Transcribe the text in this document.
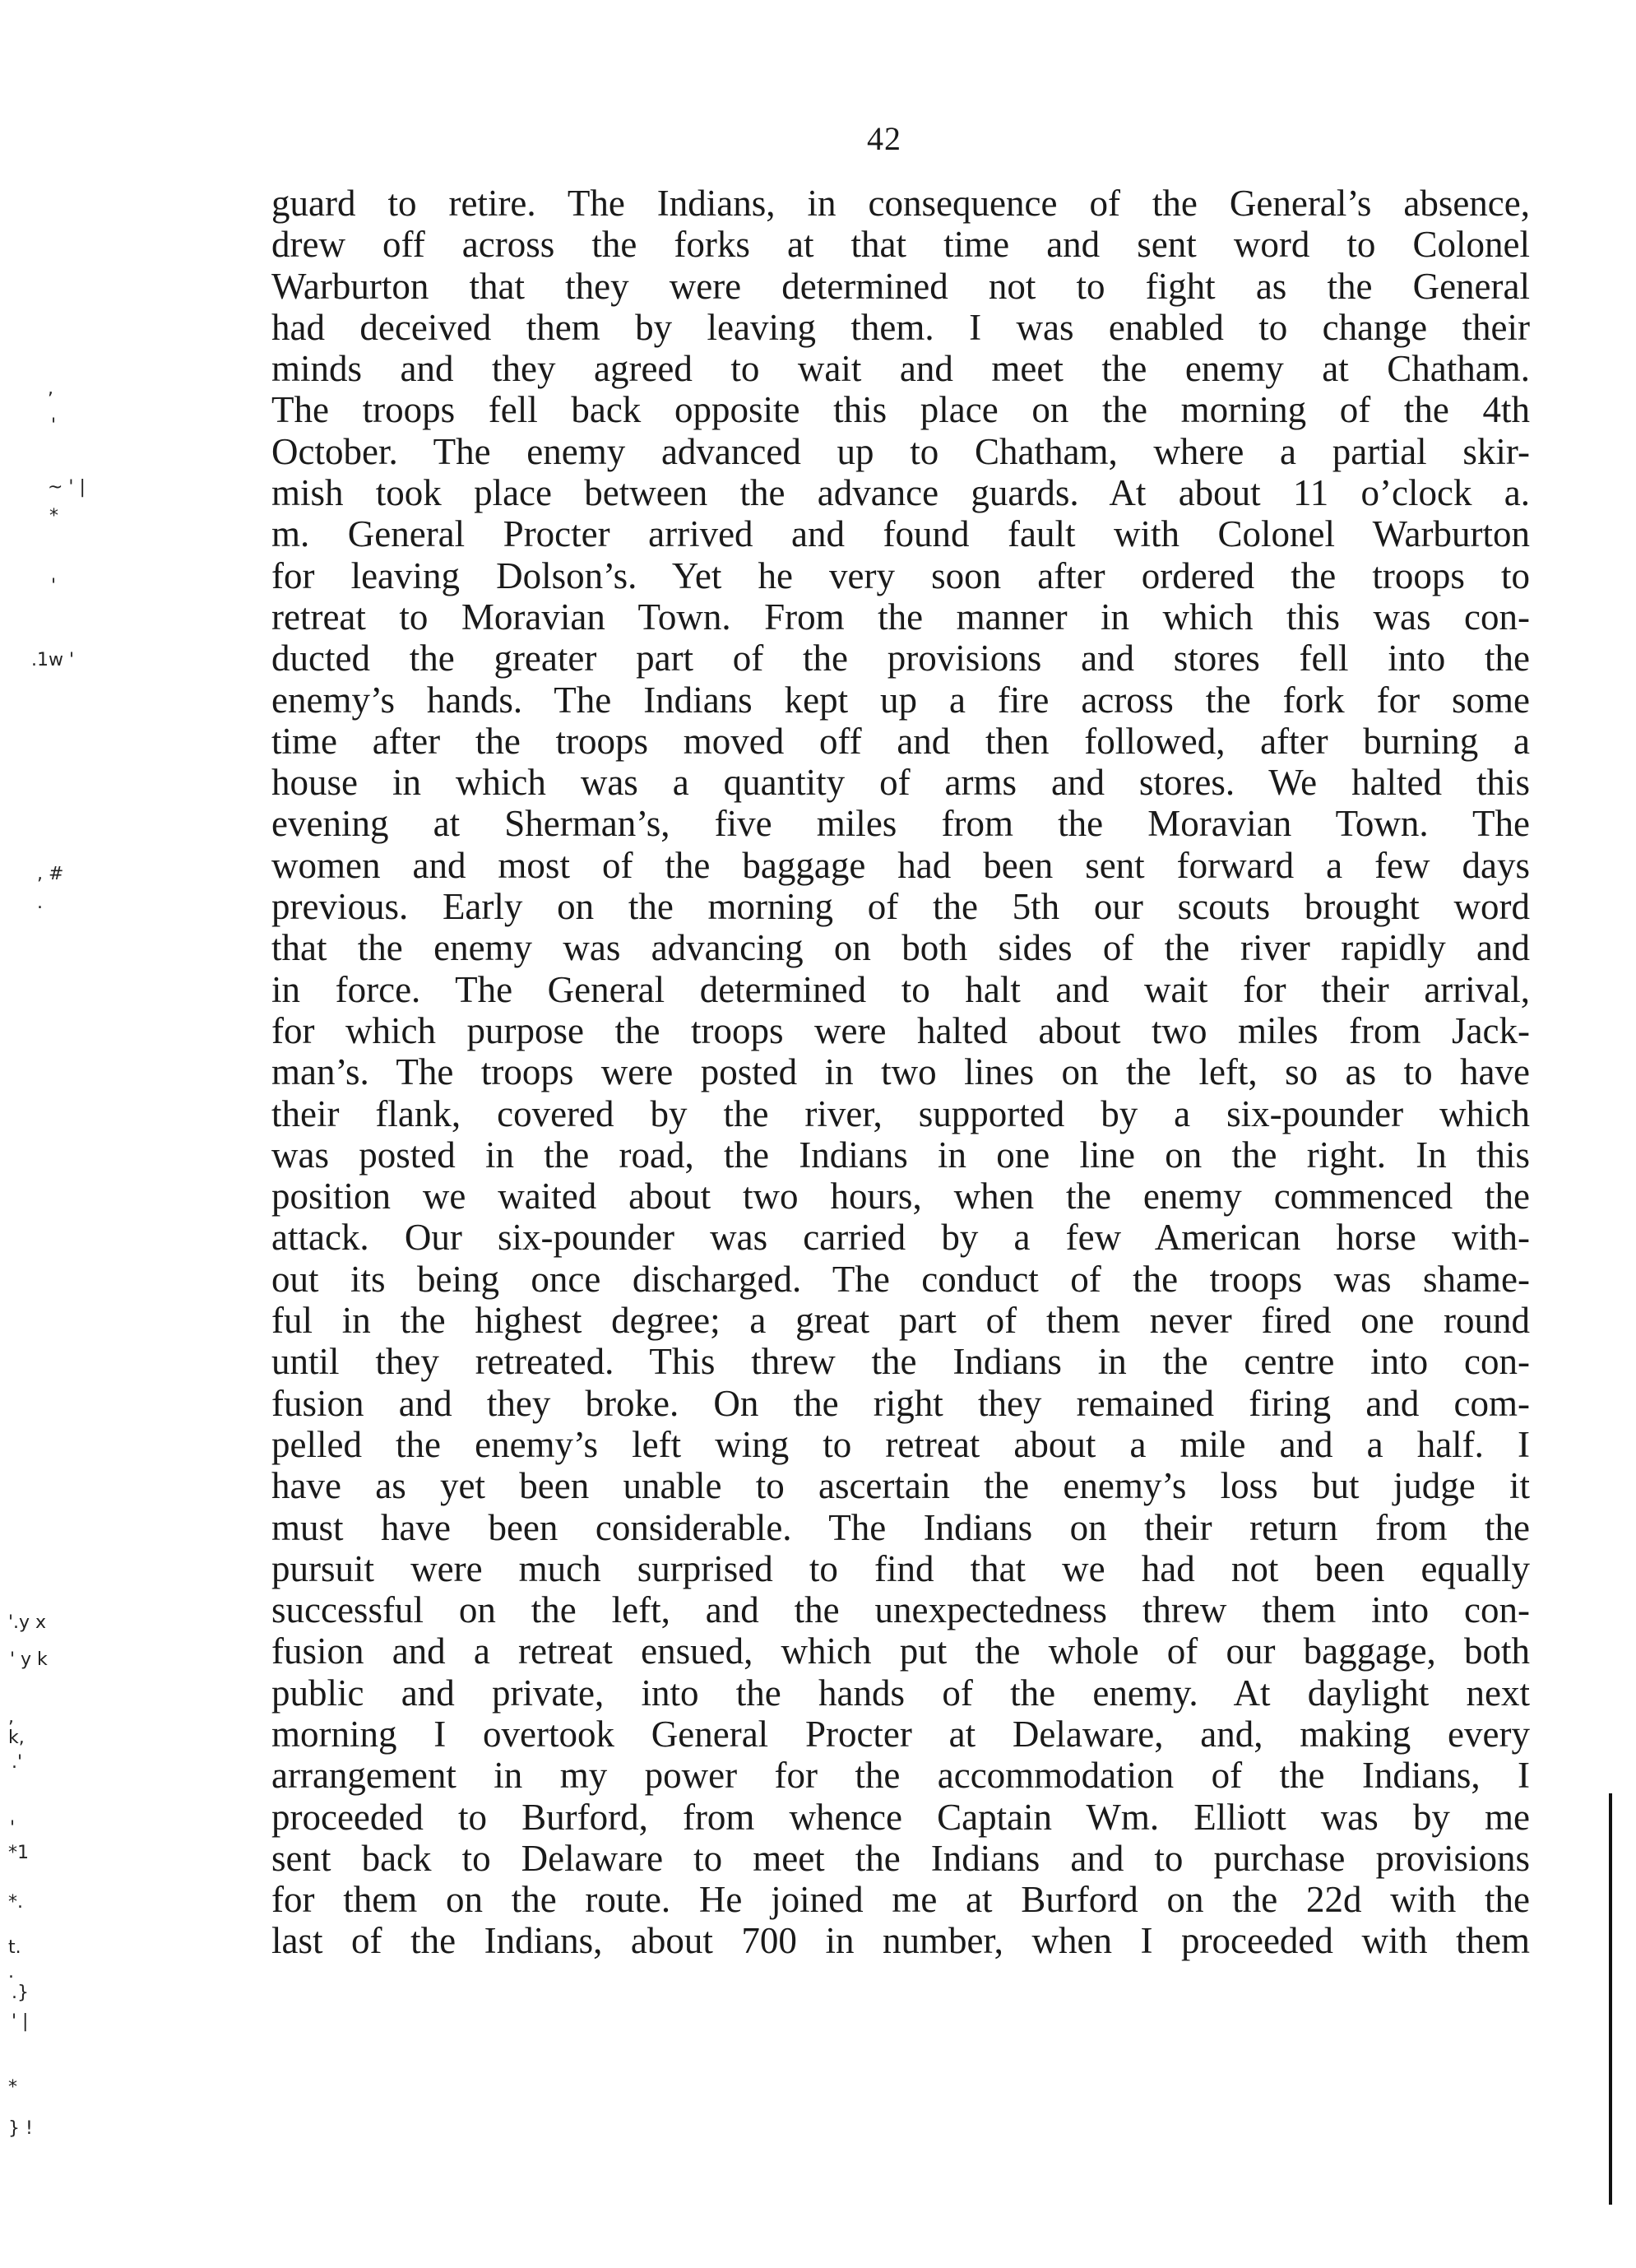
,
'
~ ' |
*
'
.1w '
, #
.
'.y x
' y k
,
k,
.'
'
*1
*.
t.
.
.}
' |
*
} !
42
guard to retire. The Indians, in consequence of the General’s absence,
drew off across the forks at that time and sent word to Colonel
Warburton that they were determined not to fight as the General
had deceived them by leaving them. I was enabled to change their
minds and they agreed to wait and meet the enemy at Chatham.
The troops fell back opposite this place on the morning of the 4th
October. The enemy advanced up to Chatham, where a partial skir-
mish took place between the advance guards. At about 11 o’clock a.
m. General Procter arrived and found fault with Colonel Warburton
for leaving Dolson’s. Yet he very soon after ordered the troops to
retreat to Moravian Town. From the manner in which this was con-
ducted the greater part of the provisions and stores fell into the
enemy’s hands. The Indians kept up a fire across the fork for some
time after the troops moved off and then followed, after burning a
house in which was a quantity of arms and stores. We halted this
evening at Sherman’s, five miles from the Moravian Town. The
women and most of the baggage had been sent forward a few days
previous. Early on the morning of the 5th our scouts brought word
that the enemy was advancing on both sides of the river rapidly and
in force. The General determined to halt and wait for their arrival,
for which purpose the troops were halted about two miles from Jack-
man’s. The troops were posted in two lines on the left, so as to have
their flank, covered by the river, supported by a six-pounder which
was posted in the road, the Indians in one line on the right. In this
position we waited about two hours, when the enemy commenced the
attack. Our six-pounder was carried by a few American horse with-
out its being once discharged. The conduct of the troops was shame-
ful in the highest degree; a great part of them never fired one round
until they retreated. This threw the Indians in the centre into con-
fusion and they broke. On the right they remained firing and com-
pelled the enemy’s left wing to retreat about a mile and a half. I
have as yet been unable to ascertain the enemy’s loss but judge it
must have been considerable. The Indians on their return from the
pursuit were much surprised to find that we had not been equally
successful on the left, and the unexpectedness threw them into con-
fusion and a retreat ensued, which put the whole of our baggage, both
public and private, into the hands of the enemy. At daylight next
morning I overtook General Procter at Delaware, and, making every
arrangement in my power for the accommodation of the Indians, I
proceeded to Burford, from whence Captain Wm. Elliott was by me
sent back to Delaware to meet the Indians and to purchase provisions
for them on the route. He joined me at Burford on the 22d with the
last of the Indians, about 700 in number, when I proceeded with them
